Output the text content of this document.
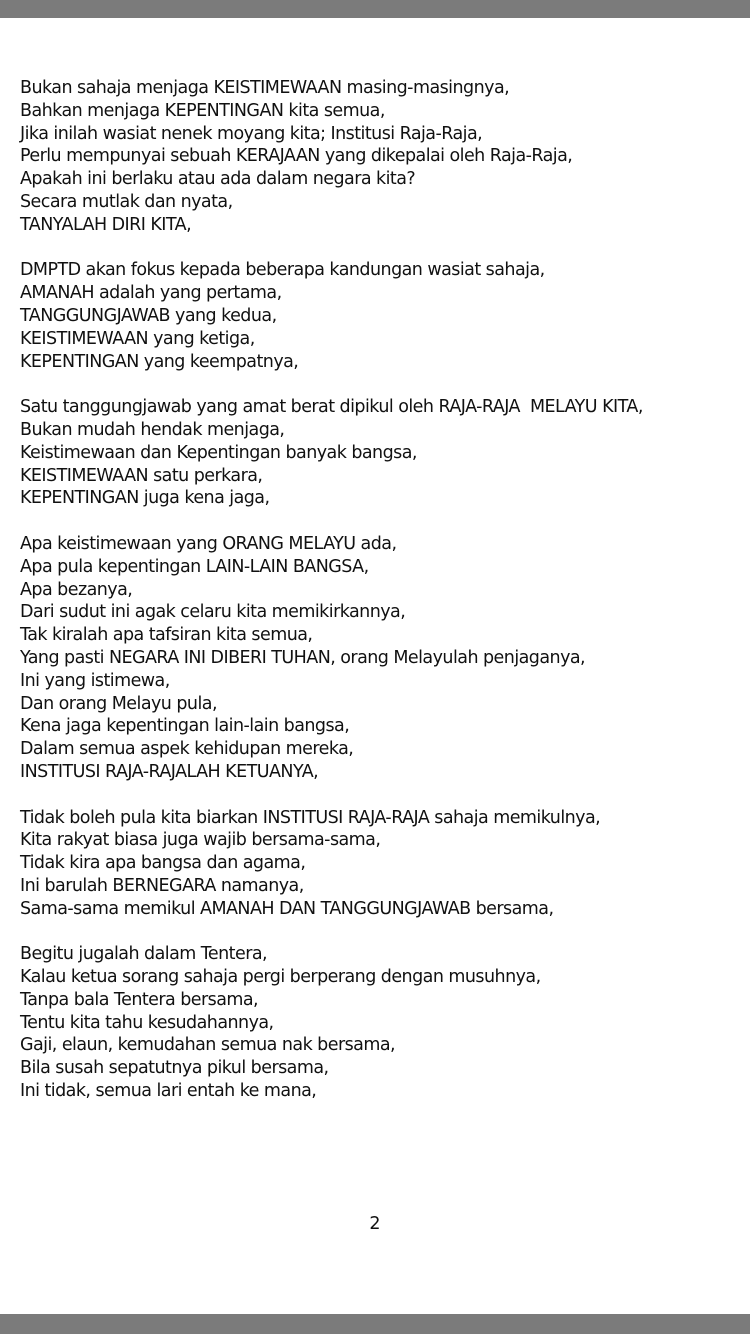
Bukan sahaja menjaga KEISTIMEWAAN masing-masingnya,
Bahkan menjaga KEPENTINGAN kita semua,
Jika inilah wasiat nenek moyang kita; Institusi Raja-Raja,
Perlu mempunyai sebuah KERAJAAN yang dikepalai oleh Raja-Raja,
Apakah ini berlaku atau ada dalam negara kita?
Secara mutlak dan nyata,
TANYALAH DIRI KITA,
DMPTD akan fokus kepada beberapa kandungan wasiat sahaja,
AMANAH adalah yang pertama,
TANGGUNGJAWAB yang kedua,
KEISTIMEWAAN yang ketiga,
KEPENTINGAN yang keempatnya,
Satu tanggungjawab yang amat berat dipikul oleh RAJA-RAJA  MELAYU KITA,
Bukan mudah hendak menjaga,
Keistimewaan dan Kepentingan banyak bangsa,
KEISTIMEWAAN satu perkara,
KEPENTINGAN juga kena jaga,
Apa keistimewaan yang ORANG MELAYU ada,
Apa pula kepentingan LAIN-LAIN BANGSA,
Apa bezanya,
Dari sudut ini agak celaru kita memikirkannya,
Tak kiralah apa tafsiran kita semua,
Yang pasti NEGARA INI DIBERI TUHAN, orang Melayulah penjaganya,
Ini yang istimewa,
Dan orang Melayu pula,
Kena jaga kepentingan lain-lain bangsa,
Dalam semua aspek kehidupan mereka,
INSTITUSI RAJA-RAJALAH KETUANYA,
Tidak boleh pula kita biarkan INSTITUSI RAJA-RAJA sahaja memikulnya,
Kita rakyat biasa juga wajib bersama-sama,
Tidak kira apa bangsa dan agama,
Ini barulah BERNEGARA namanya,
Sama-sama memikul AMANAH DAN TANGGUNGJAWAB bersama,
Begitu jugalah dalam Tentera,
Kalau ketua sorang sahaja pergi berperang dengan musuhnya,
Tanpa bala Tentera bersama,
Tentu kita tahu kesudahannya,
Gaji, elaun, kemudahan semua nak bersama,
Bila susah sepatutnya pikul bersama,
Ini tidak, semua lari entah ke mana,
2
